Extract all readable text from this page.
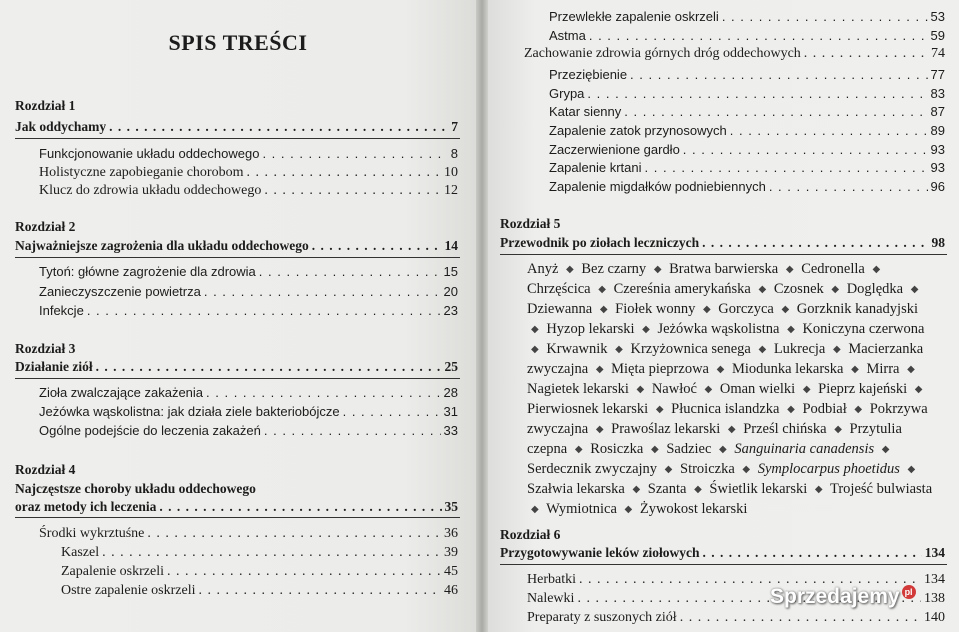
SPIS TREŚCI
Rozdział 1
Jak oddychamy . . .	7
Funkcjonowanie układu oddechowego . . .	8
Holistyczne zapobieganie chorobom . . .	10
Klucz do zdrowia układu oddechowego . . .	12
Rozdział 2
Najważniejsze zagrożenia dla układu oddechowego . . .	14
Tytoń: główne zagrożenie dla zdrowia . . .	15
Zanieczyszczenie powietrza . . .	20
Infekcje . . .	23
Rozdział 3
Działanie ziół . . .	25
Zioła zwalczające zakażenia . . .	28
Jeżówka wąskolistna: jak działa ziele bakteriobójcze . . .	31
Ogólne podejście do leczenia zakażeń . . .	33
Rozdział 4
Najczęstsze choroby układu oddechowego
oraz metody ich leczenia . . .	35
Środki wykrztuśne . . .	36
Kaszel . . .	39
Zapalenie oskrzeli . . .	45
Ostre zapalenie oskrzeli . . .	46
Przewlekłe zapalenie oskrzeli . . .	53
Astma . . .	59
Zachowanie zdrowia górnych dróg oddechowych . . .	74
Przeziębienie . . .	77
Grypa . . .	83
Katar sienny . . .	87
Zapalenie zatok przynosowych . . .	89
Zaczerwienione gardło . . .	93
Zapalenie krtani . . .	93
Zapalenie migdałków podniebiennych . . .	96
Rozdział 5
Przewodnik po ziołach leczniczych . . .	98
Anyż ◆ Bez czarny ◆ Bratwa barwierska ◆ Cedronella ◆ Chrzęścica ◆ Czereśnia amerykańska ◆ Czosnek ◆ Doględka ◆ Dziewanna ◆ Fiołek wonny ◆ Gorczyca ◆ Gorzknik kanadyjski ◆ Hyzop lekarski ◆ Jeżówka wąskolistna ◆ Koniczyna czerwona ◆ Krwawnik ◆ Krzyżownica senega ◆ Lukrecja ◆ Macierzanka zwyczajna ◆ Mięta pieprzowa ◆ Miodunka lekarska ◆ Mirra ◆ Nagietek lekarski ◆ Nawłoć ◆ Oman wielki ◆ Pieprz kajeński ◆ Pierwiosnek lekarski ◆ Płucnica islandzka ◆ Podbiał ◆ Pokrzywa zwyczajna ◆ Prawoślaz lekarski ◆ Prześl chińska ◆ Przytulia czepna ◆ Rosiczka ◆ Sadziec ◆ Sanguinaria canadensis ◆ Serdecznik zwyczajny ◆ Stroiczka ◆ Symplocarpus phoetidus ◆ Szałwia lekarska ◆ Szanta ◆ Świetlik lekarski ◆ Trojeść bulwiasta ◆ Wymiotnica ◆ Żywokost lekarski
Rozdział 6
Przygotowywanie leków ziołowych . . .	134
Herbatki . . .	134
Nalewki . . .	138
Preparaty z suszonych ziół . . .	140
Sprzedajemy pl
